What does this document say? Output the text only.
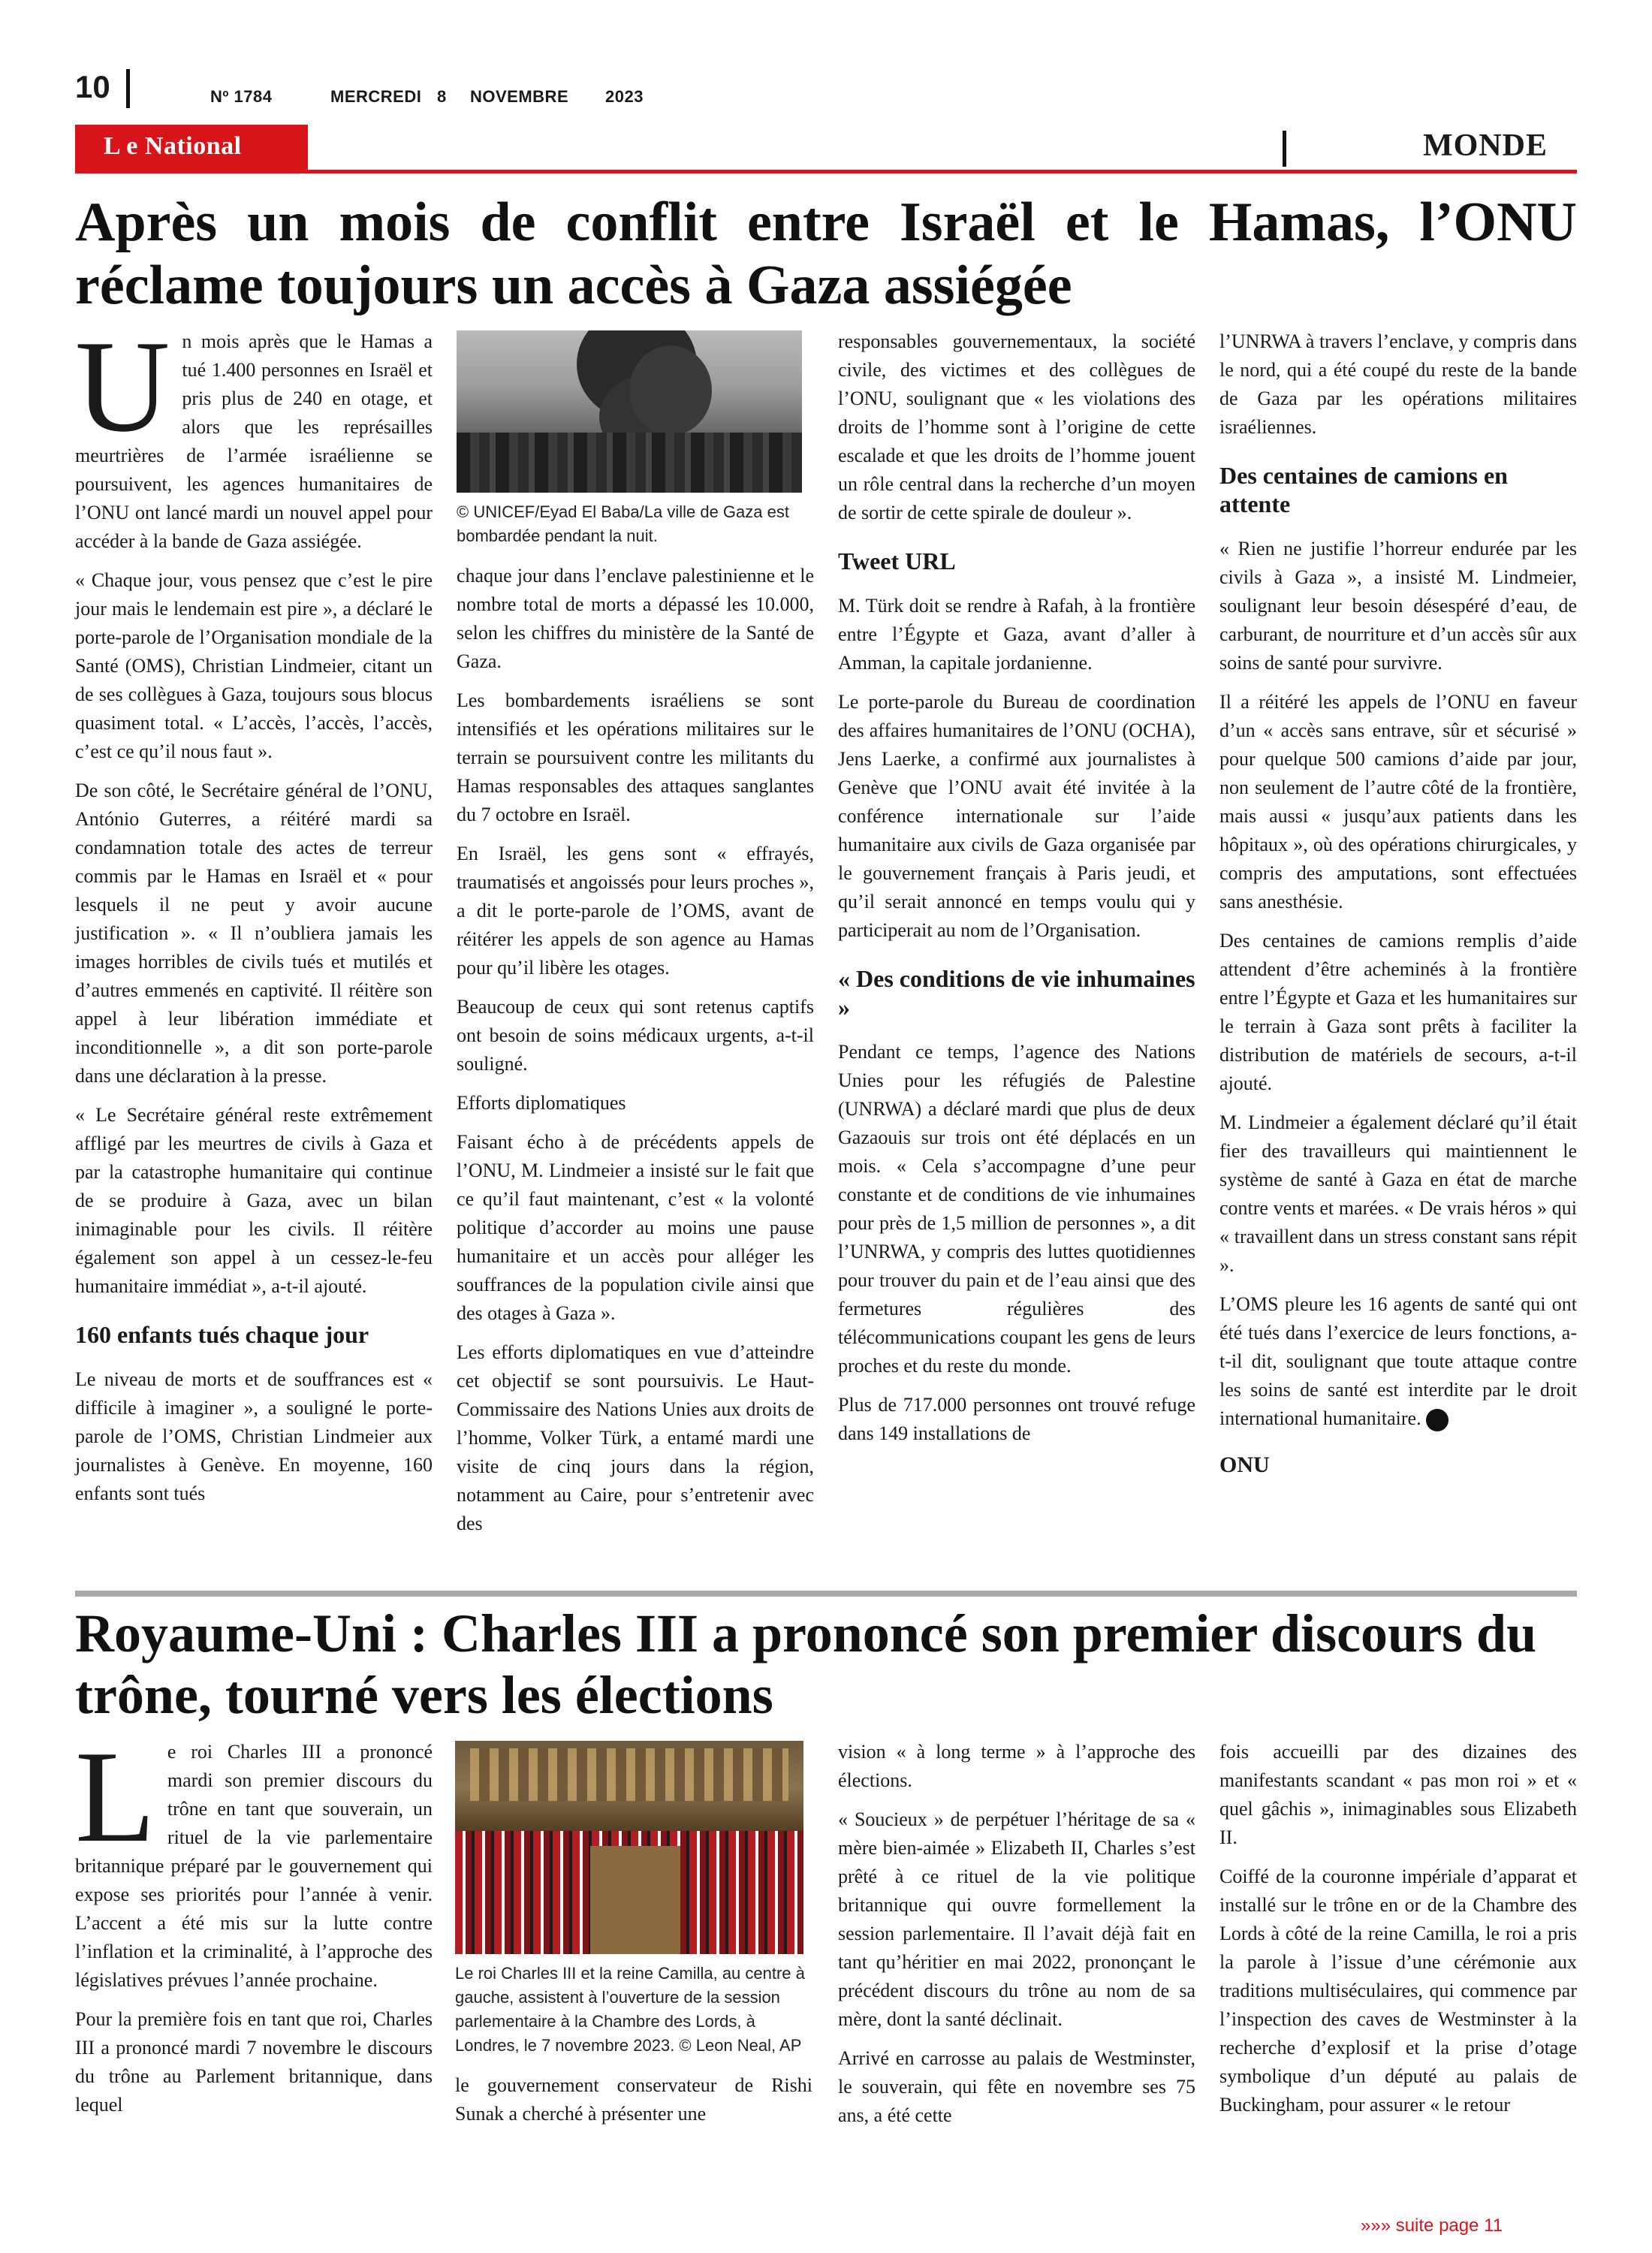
10	Nº 1784	MERCREDI 8 NOVEMBRE 2023
L e National	MONDE
Après un mois de conflit entre Israël et le Hamas, l’ONU réclame toujours un accès à Gaza assiégée

Un mois après que le Hamas a tué 1.400 personnes en Israël et pris plus de 240 en otage, et alors que les représailles meurtrières de l’armée israélienne se poursuivent, les agences humanitaires de l’ONU ont lancé mardi un nouvel appel pour accéder à la bande de Gaza assiégée.

« Chaque jour, vous pensez que c’est le pire jour mais le lendemain est pire », a déclaré le porte-parole de l’Organisation mondiale de la Santé (OMS), Christian Lindmeier, citant un de ses collègues à Gaza, toujours sous blocus quasiment total. « L’accès, l’accès, l’accès, c’est ce qu’il nous faut ».

De son côté, le Secrétaire général de l’ONU, António Guterres, a réitéré mardi sa condamnation totale des actes de terreur commis par le Hamas en Israël et « pour lesquels il ne peut y avoir aucune justification ». « Il n’oubliera jamais les images horribles de civils tués et mutilés et d’autres emmenés en captivité. Il réitère son appel à leur libération immédiate et inconditionnelle », a dit son porte-parole dans une déclaration à la presse.

« Le Secrétaire général reste extrêmement affligé par les meurtres de civils à Gaza et par la catastrophe humanitaire qui continue de se produire à Gaza, avec un bilan inimaginable pour les civils. Il réitère également son appel à un cessez-le-feu humanitaire immédiat », a-t-il ajouté.

160 enfants tués chaque jour

Le niveau de morts et de souffrances est « difficile à imaginer », a souligné le porte-parole de l’OMS, Christian Lindmeier aux journalistes à Genève. En moyenne, 160 enfants sont tués

© UNICEF/Eyad El Baba/La ville de Gaza est bombardée pendant la nuit.

chaque jour dans l’enclave palestinienne et le nombre total de morts a dépassé les 10.000, selon les chiffres du ministère de la Santé de Gaza.

Les bombardements israéliens se sont intensifiés et les opérations militaires sur le terrain se poursuivent contre les militants du Hamas responsables des attaques sanglantes du 7 octobre en Israël.

En Israël, les gens sont « effrayés, traumatisés et angoissés pour leurs proches », a dit le porte-parole de l’OMS, avant de réitérer les appels de son agence au Hamas pour qu’il libère les otages.

Beaucoup de ceux qui sont retenus captifs ont besoin de soins médicaux urgents, a-t-il souligné.

Efforts diplomatiques

Faisant écho à de précédents appels de l’ONU, M. Lindmeier a insisté sur le fait que ce qu’il faut maintenant, c’est « la volonté politique d’accorder au moins une pause humanitaire et un accès pour alléger les souffrances de la population civile ainsi que des otages à Gaza ».

Les efforts diplomatiques en vue d’atteindre cet objectif se sont poursuivis. Le Haut-Commissaire des Nations Unies aux droits de l’homme, Volker Türk, a entamé mardi une visite de cinq jours dans la région, notamment au Caire, pour s’entretenir avec des

responsables gouvernementaux, la société civile, des victimes et des collègues de l’ONU, soulignant que « les violations des droits de l’homme sont à l’origine de cette escalade et que les droits de l’homme jouent un rôle central dans la recherche d’un moyen de sortir de cette spirale de douleur ».

Tweet URL

M. Türk doit se rendre à Rafah, à la frontière entre l’Égypte et Gaza, avant d’aller à Amman, la capitale jordanienne.

Le porte-parole du Bureau de coordination des affaires humanitaires de l’ONU (OCHA), Jens Laerke, a confirmé aux journalistes à Genève que l’ONU avait été invitée à la conférence internationale sur l’aide humanitaire aux civils de Gaza organisée par le gouvernement français à Paris jeudi, et qu’il serait annoncé en temps voulu qui y participerait au nom de l’Organisation.

« Des conditions de vie inhumaines »

Pendant ce temps, l’agence des Nations Unies pour les réfugiés de Palestine (UNRWA) a déclaré mardi que plus de deux Gazaouis sur trois ont été déplacés en un mois. « Cela s’accompagne d’une peur constante et de conditions de vie inhumaines pour près de 1,5 million de personnes », a dit l’UNRWA, y compris des luttes quotidiennes pour trouver du pain et de l’eau ainsi que des fermetures régulières des télécommunications coupant les gens de leurs proches et du reste du monde.

Plus de 717.000 personnes ont trouvé refuge dans 149 installations de

l’UNRWA à travers l’enclave, y compris dans le nord, qui a été coupé du reste de la bande de Gaza par les opérations militaires israéliennes.

Des centaines de camions en attente

« Rien ne justifie l’horreur endurée par les civils à Gaza », a insisté M. Lindmeier, soulignant leur besoin désespéré d’eau, de carburant, de nourriture et d’un accès sûr aux soins de santé pour survivre.

Il a réitéré les appels de l’ONU en faveur d’un « accès sans entrave, sûr et sécurisé » pour quelque 500 camions d’aide par jour, non seulement de l’autre côté de la frontière, mais aussi « jusqu’aux patients dans les hôpitaux », où des opérations chirurgicales, y compris des amputations, sont effectuées sans anesthésie.

Des centaines de camions remplis d’aide attendent d’être acheminés à la frontière entre l’Égypte et Gaza et les humanitaires sur le terrain à Gaza sont prêts à faciliter la distribution de matériels de secours, a-t-il ajouté.

M. Lindmeier a également déclaré qu’il était fier des travailleurs qui maintiennent le système de santé à Gaza en état de marche contre vents et marées. « De vrais héros » qui « travaillent dans un stress constant sans répit ».

L’OMS pleure les 16 agents de santé qui ont été tués dans l’exercice de leurs fonctions, a-t-il dit, soulignant que toute attaque contre les soins de santé est interdite par le droit international humanitaire.

ONU
Royaume-Uni : Charles III a prononcé son premier discours du trône, tourné vers les élections

Le roi Charles III a prononcé mardi son premier discours du trône en tant que souverain, un rituel de la vie parlementaire britannique préparé par le gouvernement qui expose ses priorités pour l’année à venir. L’accent a été mis sur la lutte contre l’inflation et la criminalité, à l’approche des législatives prévues l’année prochaine.

Pour la première fois en tant que roi, Charles III a prononcé mardi 7 novembre le discours du trône au Parlement britannique, dans lequel

Le roi Charles III et la reine Camilla, au centre à gauche, assistent à l’ouverture de la session parlementaire à la Chambre des Lords, à Londres, le 7 novembre 2023. © Leon Neal, AP

le gouvernement conservateur de Rishi Sunak a cherché à présenter une

vision « à long terme » à l’approche des élections.

« Soucieux » de perpétuer l’héritage de sa « mère bien-aimée » Elizabeth II, Charles s’est prêté à ce rituel de la vie politique britannique qui ouvre formellement la session parlementaire. Il l’avait déjà fait en tant qu’héritier en mai 2022, prononçant le précédent discours du trône au nom de sa mère, dont la santé déclinait.

Arrivé en carrosse au palais de Westminster, le souverain, qui fête en novembre ses 75 ans, a été cette

fois accueilli par des dizaines des manifestants scandant « pas mon roi » et « quel gâchis », inimaginables sous Elizabeth II.

Coiffé de la couronne impériale d’apparat et installé sur le trône en or de la Chambre des Lords à côté de la reine Camilla, le roi a pris la parole à l’issue d’une cérémonie aux traditions multiséculaires, qui commence par l’inspection des caves de Westminster à la recherche d’explosif et la prise d’otage symbolique d’un député au palais de Buckingham, pour assurer « le retour

»»» suite page 11
